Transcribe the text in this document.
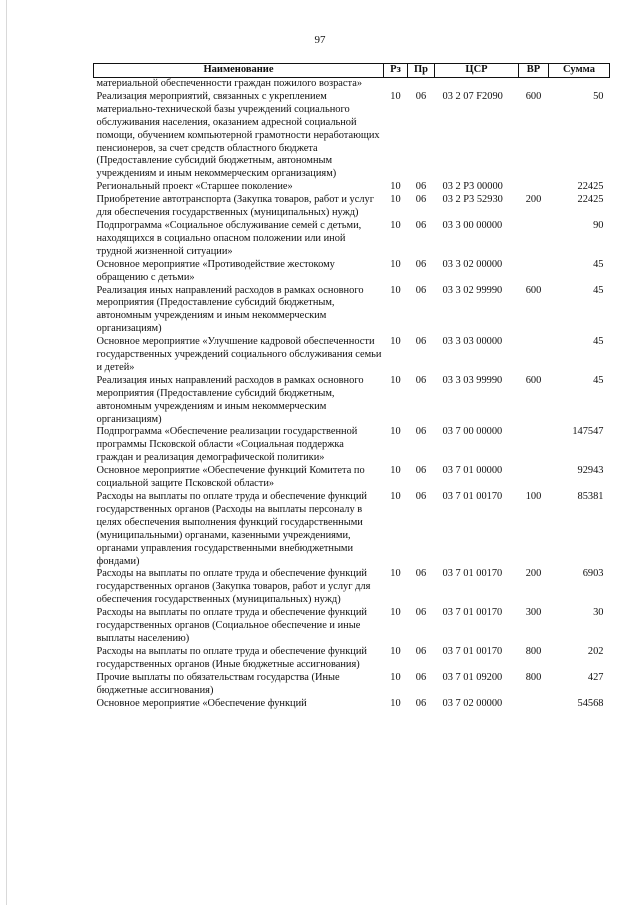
97
Наименование	Рз	Пр	ЦСР	ВР	Сумма
материальной обеспеченности граждан пожилого возраста»					
Реализация мероприятий, связанных с укреплением материально-технической базы учреждений социального обслуживания населения, оказанием адресной социальной помощи, обучением компьютерной грамотности неработающих пенсионеров, за счет средств областного бюджета (Предоставление субсидий бюджетным, автономным учреждениям и иным некоммерческим организациям)	10	06	03 2 07 F2090	600	50
Региональный проект «Старшее поколение»	10	06	03 2 P3 00000		22425
Приобретение автотранспорта (Закупка товаров, работ и услуг для обеспечения государственных (муниципальных) нужд)	10	06	03 2 P3 52930	200	22425
Подпрограмма «Социальное обслуживание семей с детьми, находящихся в социально опасном положении или иной трудной жизненной ситуации»	10	06	03 3 00 00000		90
Основное мероприятие «Противодействие жестокому обращению с детьми»	10	06	03 3 02 00000		45
Реализация иных направлений расходов в рамках основного мероприятия (Предоставление субсидий бюджетным, автономным учреждениям и иным некоммерческим организациям)	10	06	03 3 02 99990	600	45
Основное мероприятие «Улучшение кадровой обеспеченности государственных учреждений социального обслуживания семьи и детей»	10	06	03 3 03 00000		45
Реализация иных направлений расходов в рамках основного мероприятия (Предоставление субсидий бюджетным, автономным учреждениям и иным некоммерческим организациям)	10	06	03 3 03 99990	600	45
Подпрограмма «Обеспечение реализации государственной программы Псковской области «Социальная поддержка граждан и реализация демографической политики»	10	06	03 7 00 00000		147547
Основное мероприятие «Обеспечение функций Комитета по социальной защите Псковской области»	10	06	03 7 01 00000		92943
Расходы на выплаты по оплате труда и обеспечение функций государственных органов (Расходы на выплаты персоналу в целях обеспечения выполнения функций государственными (муниципальными) органами, казенными учреждениями, органами управления государственными внебюджетными фондами)	10	06	03 7 01 00170	100	85381
Расходы на выплаты по оплате труда и обеспечение функций государственных органов (Закупка товаров, работ и услуг для обеспечения государственных (муниципальных) нужд)	10	06	03 7 01 00170	200	6903
Расходы на выплаты по оплате труда и обеспечение функций государственных органов (Социальное обеспечение и иные выплаты населению)	10	06	03 7 01 00170	300	30
Расходы на выплаты по оплате труда и обеспечение функций государственных органов (Иные бюджетные ассигнования)	10	06	03 7 01 00170	800	202
Прочие выплаты по обязательствам государства (Иные бюджетные ассигнования)	10	06	03 7 01 09200	800	427
Основное мероприятие «Обеспечение функций	10	06	03 7 02 00000		54568
